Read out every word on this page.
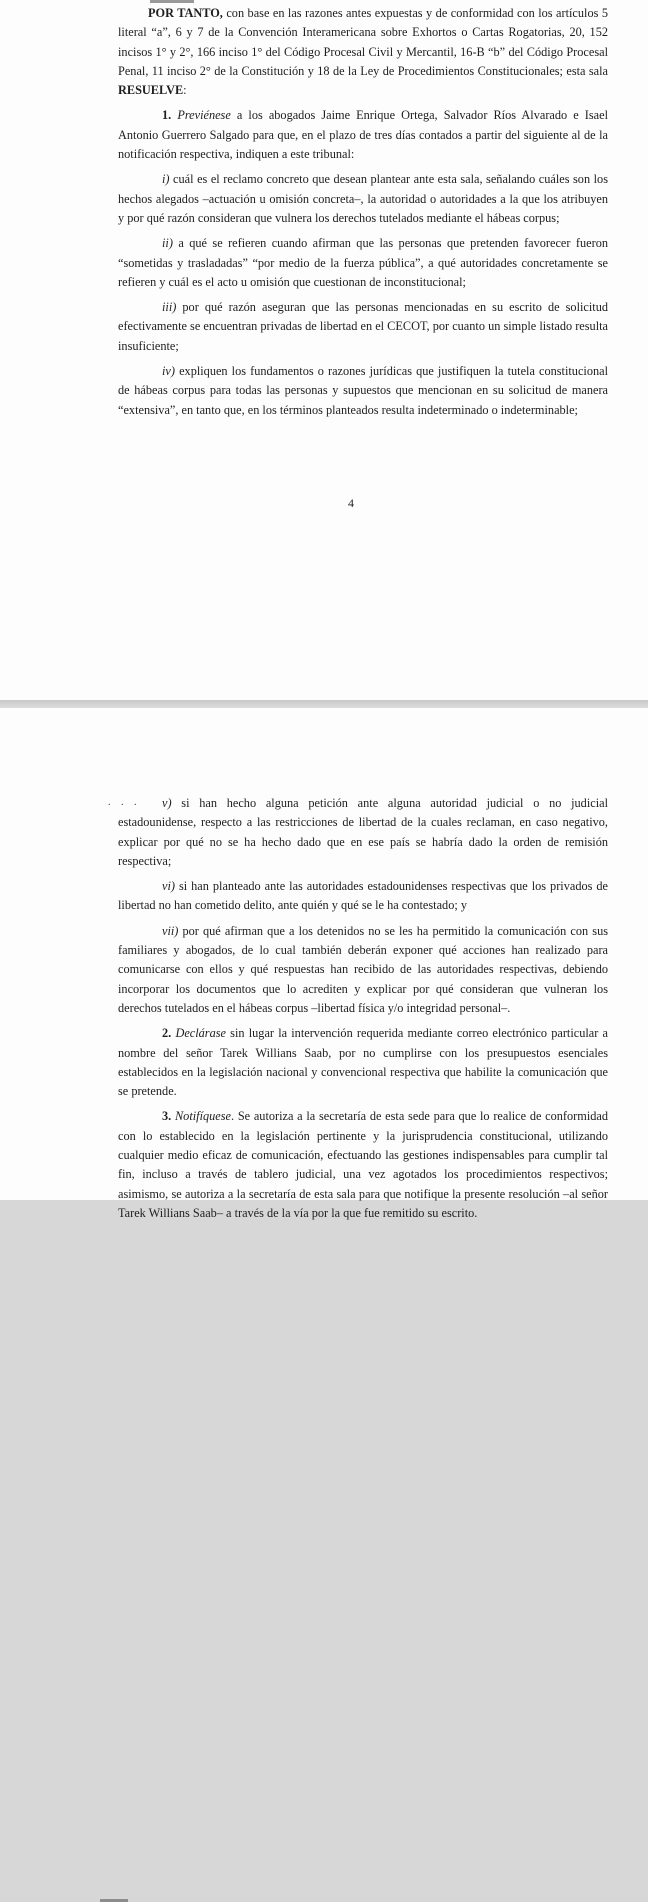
POR TANTO, con base en las razones antes expuestas y de conformidad con los artículos 5 literal “a”, 6 y 7 de la Convención Interamericana sobre Exhortos o Cartas Rogatorias, 20, 152 incisos 1° y 2°, 166 inciso 1° del Código Procesal Civil y Mercantil, 16-B “b” del Código Procesal Penal, 11 inciso 2° de la Constitución y 18 de la Ley de Procedimientos Constitucionales; esta sala RESUELVE:

1. Previénese a los abogados Jaime Enrique Ortega, Salvador Ríos Alvarado e Isael Antonio Guerrero Salgado para que, en el plazo de tres días contados a partir del siguiente al de la notificación respectiva, indiquen a este tribunal:

i) cuál es el reclamo concreto que desean plantear ante esta sala, señalando cuáles son los hechos alegados –actuación u omisión concreta–, la autoridad o autoridades a la que los atribuyen y por qué razón consideran que vulnera los derechos tutelados mediante el hábeas corpus;

ii) a qué se refieren cuando afirman que las personas que pretenden favorecer fueron “sometidas y trasladadas” “por medio de la fuerza pública”, a qué autoridades concretamente se refieren y cuál es el acto u omisión que cuestionan de inconstitucional;

iii) por qué razón aseguran que las personas mencionadas en su escrito de solicitud efectivamente se encuentran privadas de libertad en el CECOT, por cuanto un simple listado resulta insuficiente;

iv) expliquen los fundamentos o razones jurídicas que justifiquen la tutela constitucional de hábeas corpus para todas las personas y supuestos que mencionan en su solicitud de manera “extensiva”, en tanto que, en los términos planteados resulta indeterminado o indeterminable;

4
. . .	v) si han hecho alguna petición ante alguna autoridad judicial o no judicial estadounidense, respecto a las restricciones de libertad de la cuales reclaman, en caso negativo, explicar por qué no se ha hecho dado que en ese país se habría dado la orden de remisión respectiva;

vi) si han planteado ante las autoridades estadounidenses respectivas que los privados de libertad no han cometido delito, ante quién y qué se le ha contestado; y

vii) por qué afirman que a los detenidos no se les ha permitido la comunicación con sus familiares y abogados, de lo cual también deberán exponer qué acciones han realizado para comunicarse con ellos y qué respuestas han recibido de las autoridades respectivas, debiendo incorporar los documentos que lo acrediten y explicar por qué consideran que vulneran los derechos tutelados en el hábeas corpus –libertad física y/o integridad personal–.

2. Declárase sin lugar la intervención requerida mediante correo electrónico particular a nombre del señor Tarek Willians Saab, por no cumplirse con los presupuestos esenciales establecidos en la legislación nacional y convencional respectiva que habilite la comunicación que se pretende.

3. Notifíquese. Se autoriza a la secretaría de esta sede para que lo realice de conformidad con lo establecido en la legislación pertinente y la jurisprudencia constitucional, utilizando cualquier medio eficaz de comunicación, efectuando las gestiones indispensables para cumplir tal fin, incluso a través de tablero judicial, una vez agotados los procedimientos respectivos; asimismo, se autoriza a la secretaría de esta sala para que notifique la presente resolución –al señor Tarek Willians Saab– a través de la vía por la que fue remitido su escrito.
